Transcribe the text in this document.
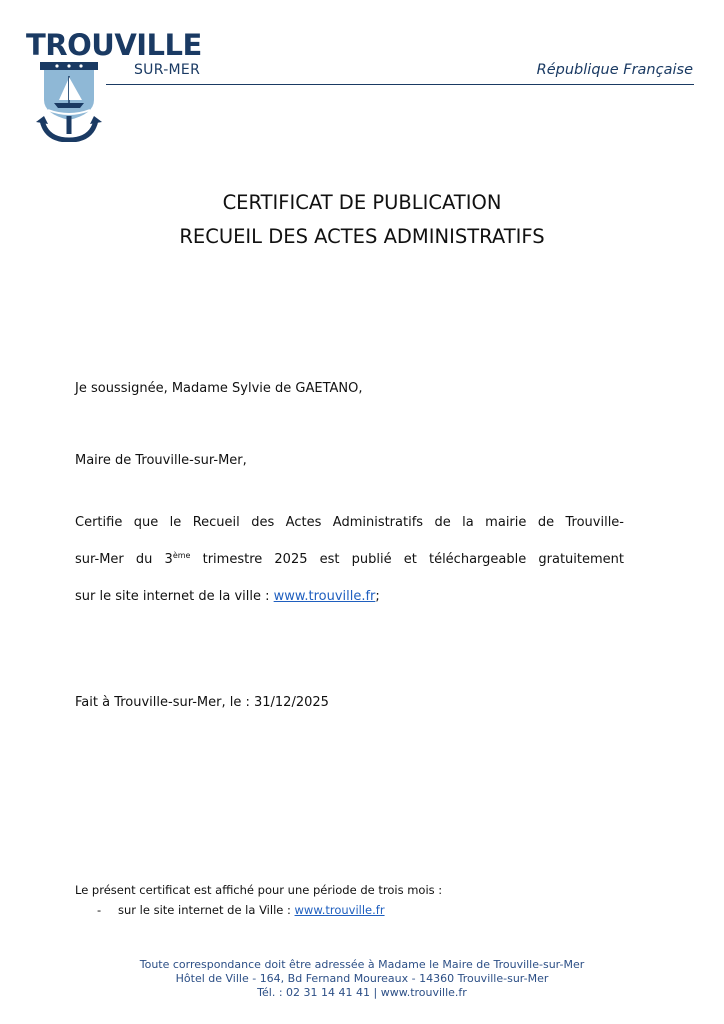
TROUVILLE
SUR-MER	République Française
CERTIFICAT DE PUBLICATION
RECUEIL DES ACTES ADMINISTRATIFS
Je soussignée, Madame Sylvie de GAETANO,
Maire de Trouville-sur-Mer,
Certifie que le Recueil des Actes Administratifs de la mairie de Trouville-
sur-Mer du 3ème trimestre 2025 est publié et téléchargeable gratuitement
sur le site internet de la ville : www.trouville.fr;
Fait à Trouville-sur-Mer, le : 31/12/2025
Le présent certificat est affiché pour une période de trois mois :
- sur le site internet de la Ville : www.trouville.fr
Toute correspondance doit être adressée à Madame le Maire de Trouville-sur-Mer
Hôtel de Ville - 164, Bd Fernand Moureaux - 14360 Trouville-sur-Mer
Tél. : 02 31 14 41 41 | www.trouville.fr
